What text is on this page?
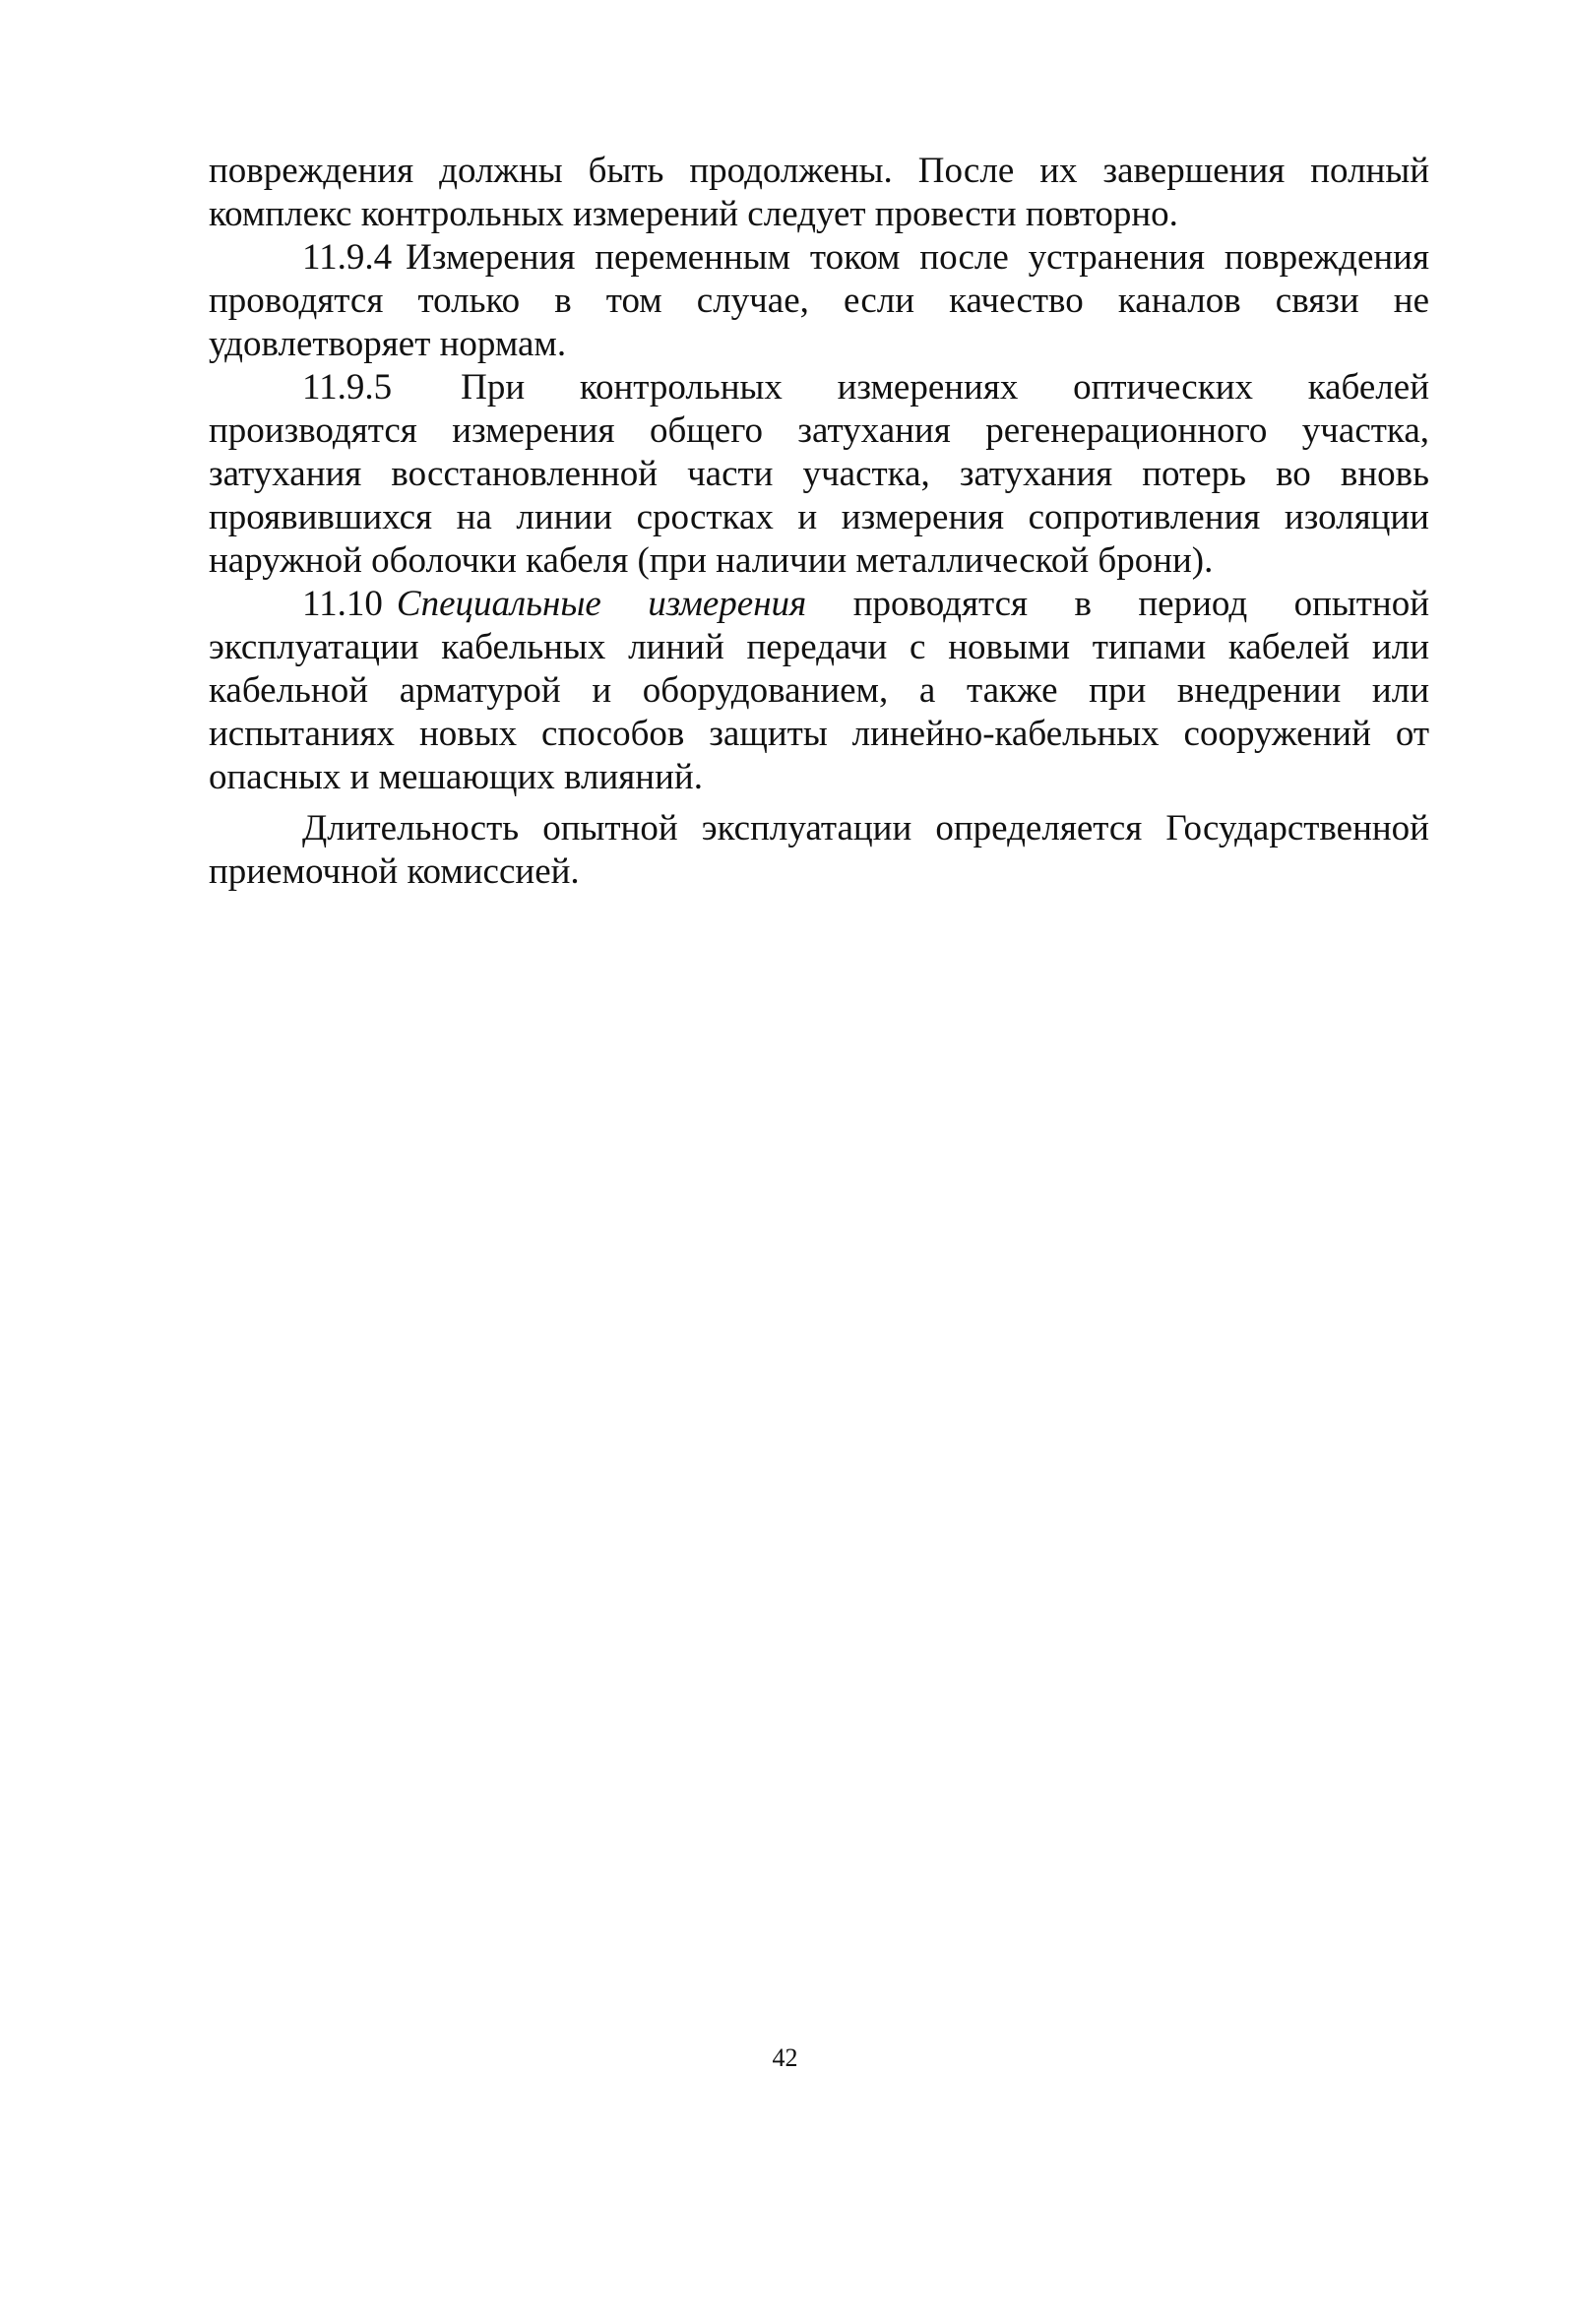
повреждения должны быть продолжены. После их завершения полный комплекс контрольных измерений следует провести повторно.

11.9.4 Измерения переменным током после устранения повреждения проводятся только в том случае, если качество каналов связи не удовлетворяет нормам.

11.9.5 При контрольных измерениях оптических кабелей производятся измерения общего затухания регенерационного участка, затухания восстановленной части участка, затухания потерь во вновь проявившихся на линии сростках и измерения сопротивления изоляции наружной оболочки кабеля (при наличии металлической брони).

11.10 Специальные измерения проводятся в период опытной эксплуатации кабельных линий передачи с новыми типами кабелей или кабельной арматурой и оборудованием, а также при внедрении или испытаниях новых способов защиты линейно-кабельных сооружений от опасных и мешающих влияний.

Длительность опытной эксплуатации определяется Государственной приемочной комиссией.

42
